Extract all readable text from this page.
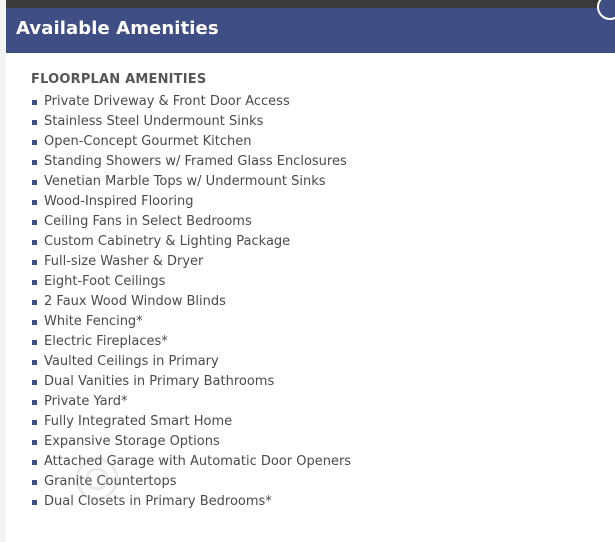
Available Amenities
FLOORPLAN AMENITIES
Private Driveway & Front Door Access
Stainless Steel Undermount Sinks
Open-Concept Gourmet Kitchen
Standing Showers w/ Framed Glass Enclosures
Venetian Marble Tops w/ Undermount Sinks
Wood-Inspired Flooring
Ceiling Fans in Select Bedrooms
Custom Cabinetry & Lighting Package
Full-size Washer & Dryer
Eight-Foot Ceilings
2 Faux Wood Window Blinds
White Fencing*
Electric Fireplaces*
Vaulted Ceilings in Primary
Dual Vanities in Primary Bathrooms
Private Yard*
Fully Integrated Smart Home
Expansive Storage Options
Attached Garage with Automatic Door Openers
Granite Countertops
Dual Closets in Primary Bedrooms*
